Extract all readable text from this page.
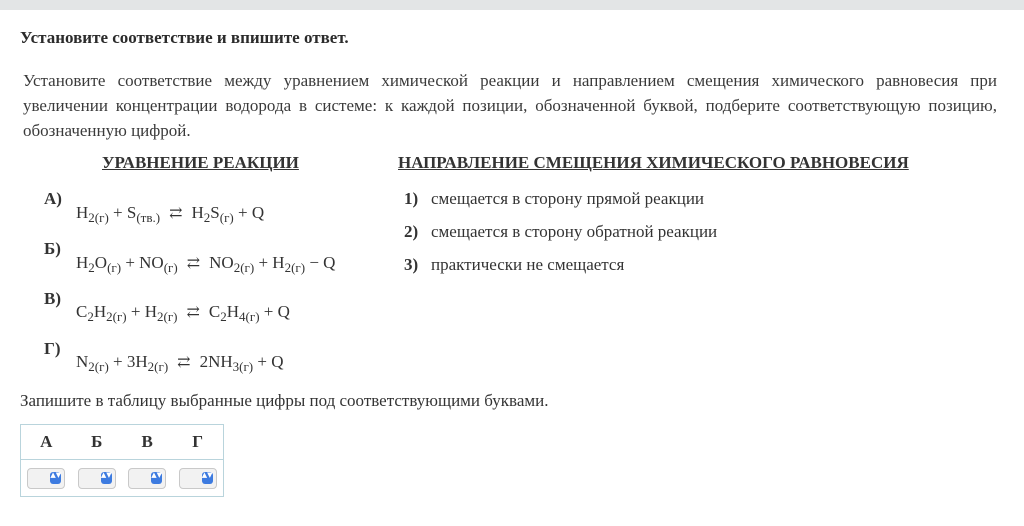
Установите соответствие и впишите ответ.
Установите соответствие между уравнением химической реакции и направлением смещения химического равновесия при увеличении концентрации водорода в системе: к каждой позиции, обозначенной буквой, подберите соответствующую позицию, обозначенную цифрой.
УРАВНЕНИЕ РЕАКЦИИ	НАПРАВЛЕНИЕ СМЕЩЕНИЯ ХИМИЧЕСКОГО РАВНОВЕСИЯ
А)
$H_{2(г)} + S_{(тв.)}$ ⇄ $H_2S_{(г)} + Q$
Б)
$H_2O_{(г)} + NO_{(г)}$ ⇄ $NO_{2(г)} + H_{2(г)} - Q$
В)
$C_2H_{2(г)} + H_{2(г)}$ ⇄ $C_2H_{4(г)} + Q$
Г)
$N_{2(г)} + 3H_{2(г)}$ ⇄ $2NH_{3(г)} + Q$
1) смещается в сторону прямой реакции
2) смещается в сторону обратной реакции
3) практически не смещается
Запишите в таблицу выбранные цифры под соответствующими буквами.
А	Б	В	Г

▲▼	▲▼	▲▼	▲▼
